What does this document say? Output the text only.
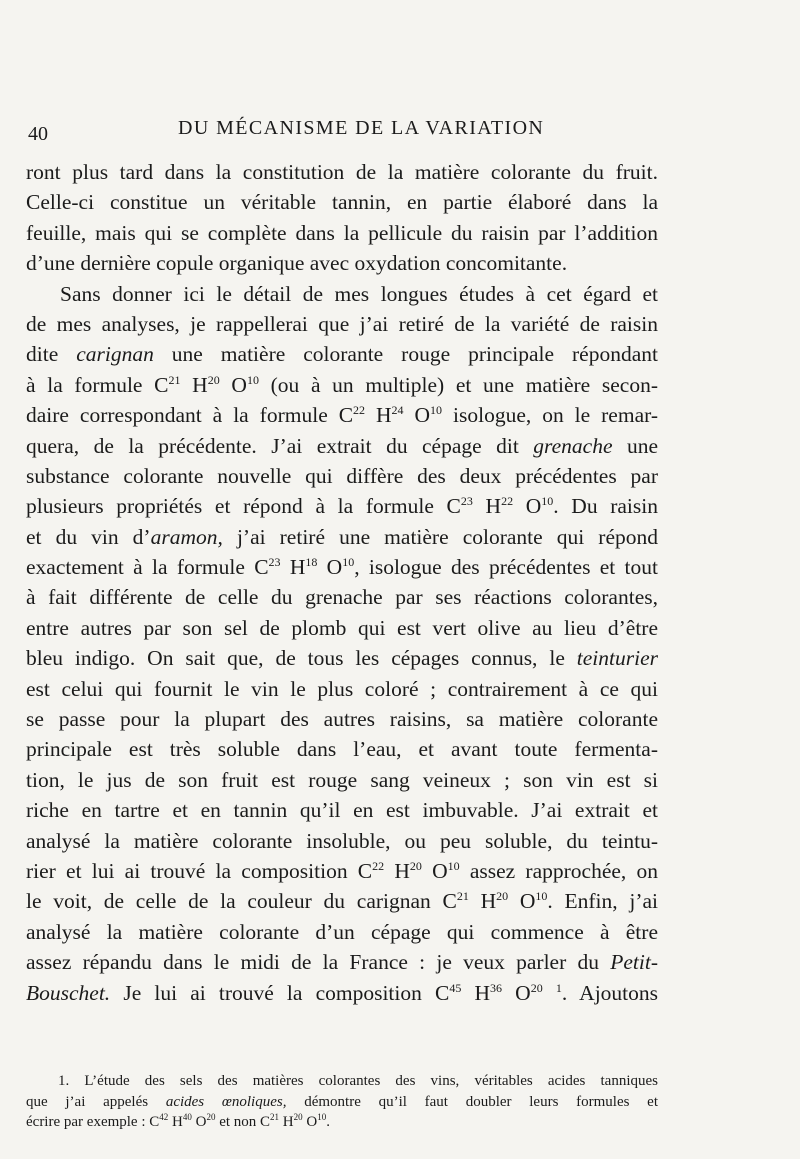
40	DU MÉCANISME DE LA VARIATION
ront plus tard dans la constitution de la matière colorante du fruit.
Celle-ci constitue un véritable tannin, en partie élaboré dans la
feuille, mais qui se complète dans la pellicule du raisin par l’addition
d’une dernière copule organique avec oxydation concomitante.
Sans donner ici le détail de mes longues études à cet égard et
de mes analyses, je rappellerai que j’ai retiré de la variété de raisin
dite carignan une matière colorante rouge principale répondant
à la formule $C^{21}$ $H^{20}$ $O^{10}$ (ou à un multiple) et une matière secon-
daire correspondant à la formule $C^{22}$ $H^{24}$ $O^{10}$ isologue, on le remar-
quera, de la précédente. J’ai extrait du cépage dit grenache une
substance colorante nouvelle qui diffère des deux précédentes par
plusieurs propriétés et répond à la formule $C^{23}$ $H^{22}$ $O^{10}$. Du raisin
et du vin d’aramon, j’ai retiré une matière colorante qui répond
exactement à la formule $C^{23}$ $H^{18}$ $O^{10}$, isologue des précédentes et tout
à fait différente de celle du grenache par ses réactions colorantes,
entre autres par son sel de plomb qui est vert olive au lieu d’être
bleu indigo. On sait que, de tous les cépages connus, le teinturier
est celui qui fournit le vin le plus coloré ; contrairement à ce qui
se passe pour la plupart des autres raisins, sa matière colorante
principale est très soluble dans l’eau, et avant toute fermenta-
tion, le jus de son fruit est rouge sang veineux ; son vin est si
riche en tartre et en tannin qu’il en est imbuvable. J’ai extrait et
analysé la matière colorante insoluble, ou peu soluble, du teintu-
rier et lui ai trouvé la composition $C^{22}$ $H^{20}$ $O^{10}$ assez rapprochée, on
le voit, de celle de la couleur du carignan $C^{21}$ $H^{20}$ $O^{10}$. Enfin, j’ai
analysé la matière colorante d’un cépage qui commence à être
assez répandu dans le midi de la France : je veux parler du Petit-
Bouschet. Je lui ai trouvé la composition $C^{45}$ $H^{36}$ $O^{20}$ $^1$. Ajoutons
1. L’étude des sels des matières colorantes des vins, véritables acides tanniques
que j’ai appelés acides œnoliques, démontre qu’il faut doubler leurs formules et
écrire par exemple : $C^{42}$ $H^{40}$ $O^{20}$ et non $C^{21}$ $H^{20}$ $O^{10}$.
